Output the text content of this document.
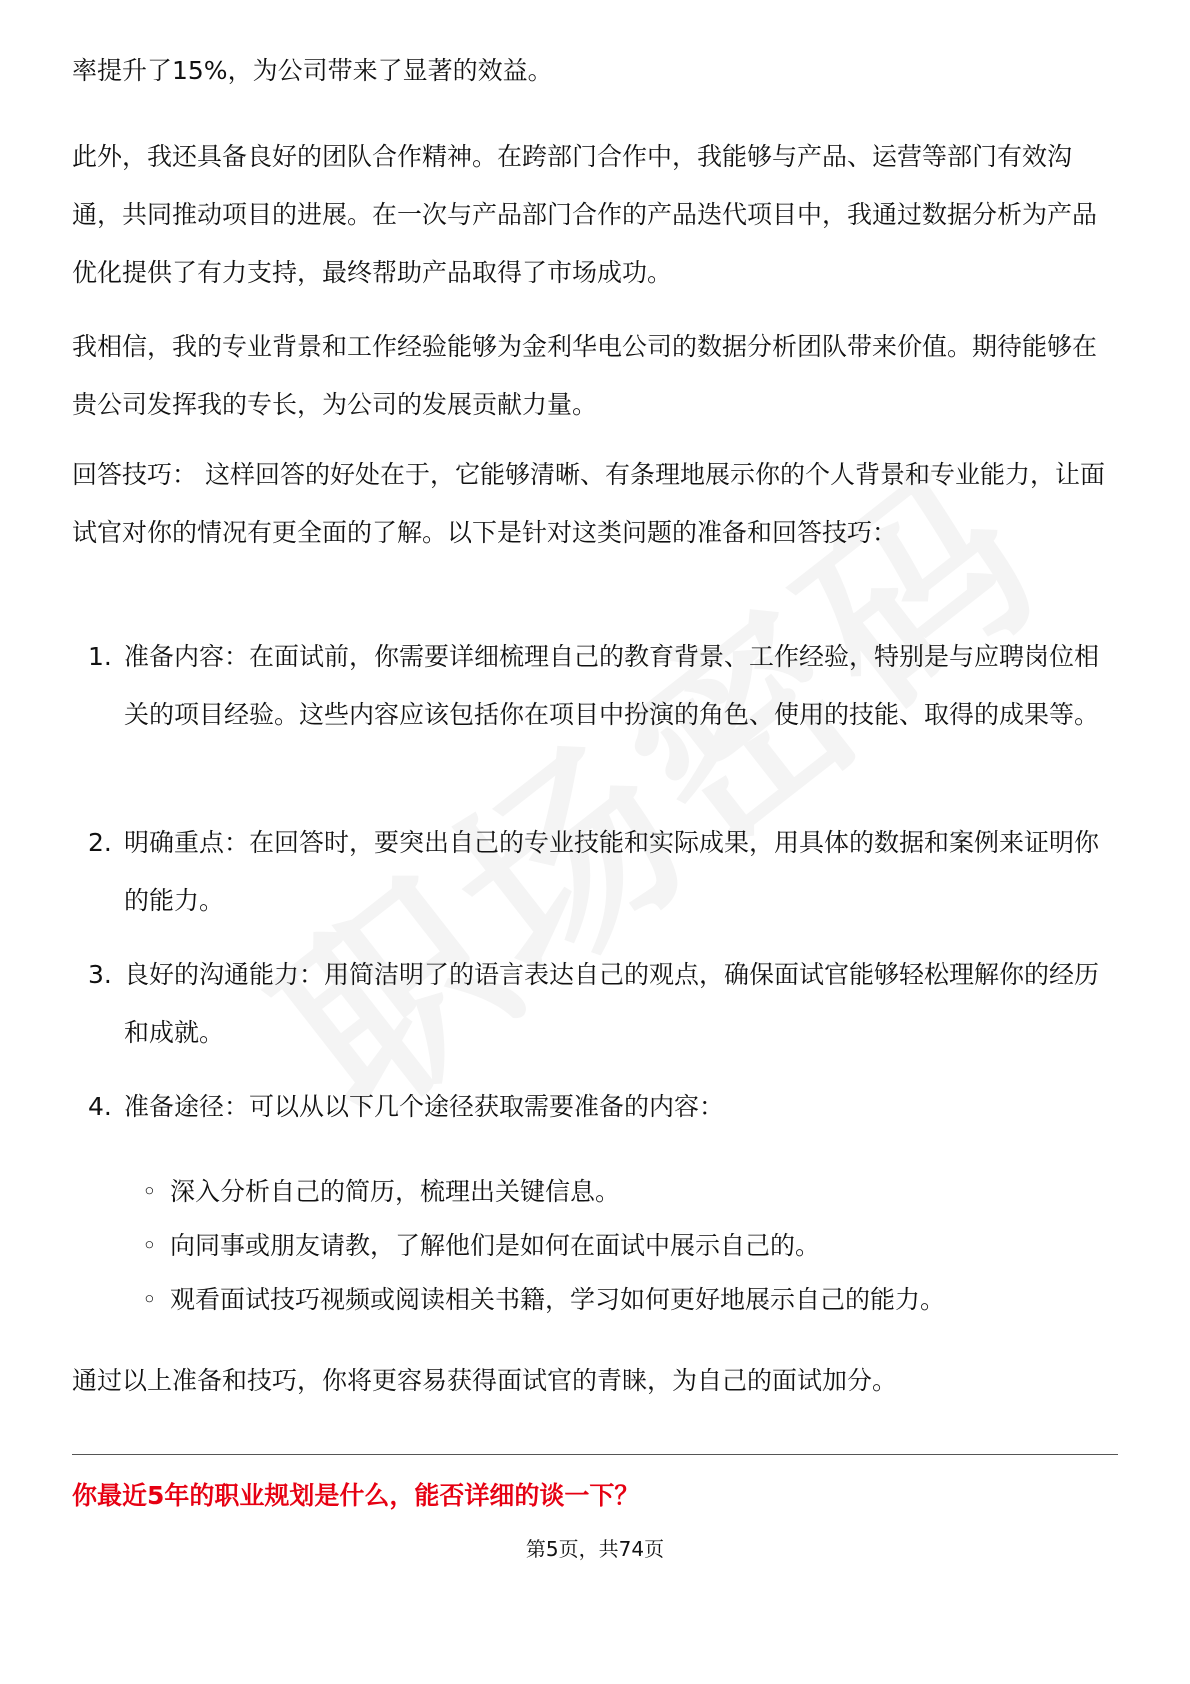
率提升了15%，为公司带来了显著的效益。

此外，我还具备良好的团队合作精神。在跨部门合作中，我能够与产品、运营等部门有效沟通，共同推动项目的进展。在一次与产品部门合作的产品迭代项目中，我通过数据分析为产品优化提供了有力支持，最终帮助产品取得了市场成功。

我相信，我的专业背景和工作经验能够为金利华电公司的数据分析团队带来价值。期待能够在贵公司发挥我的专长，为公司的发展贡献力量。

回答技巧： 这样回答的好处在于，它能够清晰、有条理地展示你的个人背景和专业能力，让面试官对你的情况有更全面的了解。以下是针对这类问题的准备和回答技巧：

1. 准备内容：在面试前，你需要详细梳理自己的教育背景、工作经验，特别是与应聘岗位相关的项目经验。这些内容应该包括你在项目中扮演的角色、使用的技能、取得的成果等。
2. 明确重点：在回答时，要突出自己的专业技能和实际成果，用具体的数据和案例来证明你的能力。
3. 良好的沟通能力：用简洁明了的语言表达自己的观点，确保面试官能够轻松理解你的经历和成就。
4. 准备途径：可以从以下几个途径获取需要准备的内容：
◦ 深入分析自己的简历，梳理出关键信息。
◦ 向同事或朋友请教，了解他们是如何在面试中展示自己的。
◦ 观看面试技巧视频或阅读相关书籍，学习如何更好地展示自己的能力。

通过以上准备和技巧，你将更容易获得面试官的青睐，为自己的面试加分。

你最近5年的职业规划是什么，能否详细的谈一下？
第5页，共74页
